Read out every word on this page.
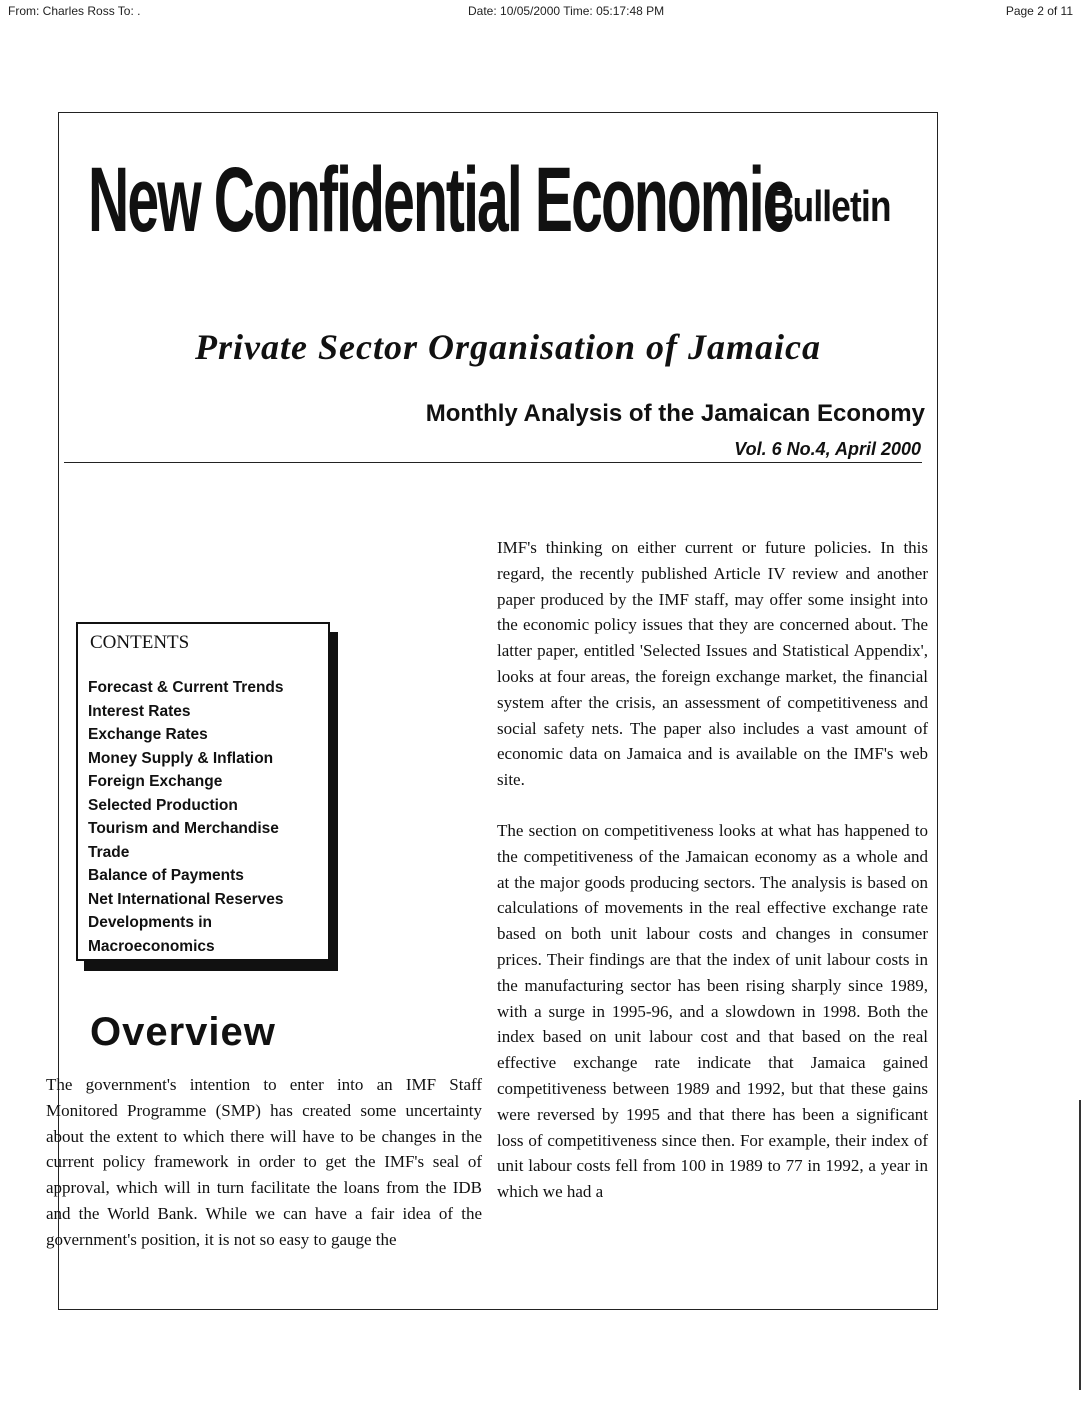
From: Charles Ross To: .	Date: 10/05/2000 Time: 05:17:48 PM	Page 2 of 11
New Confidential Economic
Bulletin
Private Sector Organisation of Jamaica
Monthly Analysis of the Jamaican Economy
Vol. 6 No.4, April 2000
CONTENTS
Forecast & Current Trends
Interest Rates
Exchange Rates
Money Supply & Inflation
Foreign Exchange
Selected Production
Tourism and Merchandise
Trade
Balance of Payments
Net International Reserves
Developments in
Macroeconomics
Overview

The government's intention to enter into an IMF Staff Monitored Programme (SMP) has created some uncertainty about the extent to which there will have to be changes in the current policy framework in order to get the IMF's seal of approval, which will in turn facilitate the loans from the IDB and the World Bank. While we can have a fair idea of the government's position, it is not so easy to gauge the

IMF's thinking on either current or future policies. In this regard, the recently published Article IV review and another paper produced by the IMF staff, may offer some insight into the economic policy issues that they are concerned about. The latter paper, entitled 'Selected Issues and Statistical Appendix', looks at four areas, the foreign exchange market, the financial system after the crisis, an assessment of competitiveness and social safety nets. The paper also includes a vast amount of economic data on Jamaica and is available on the IMF's web site.

The section on competitiveness looks at what has happened to the competitiveness of the Jamaican economy as a whole and at the major goods producing sectors. The analysis is based on calculations of movements in the real effective exchange rate based on both unit labour costs and changes in consumer prices. Their findings are that the index of unit labour costs in the manufacturing sector has been rising sharply since 1989, with a surge in 1995-96, and a slowdown in 1998. Both the index based on unit labour cost and that based on the real effective exchange rate indicate that Jamaica gained competitiveness between 1989 and 1992, but that these gains were reversed by 1995 and that there has been a significant loss of competitiveness since then. For example, their index of unit labour costs fell from 100 in 1989 to 77 in 1992, a year in which we had a
